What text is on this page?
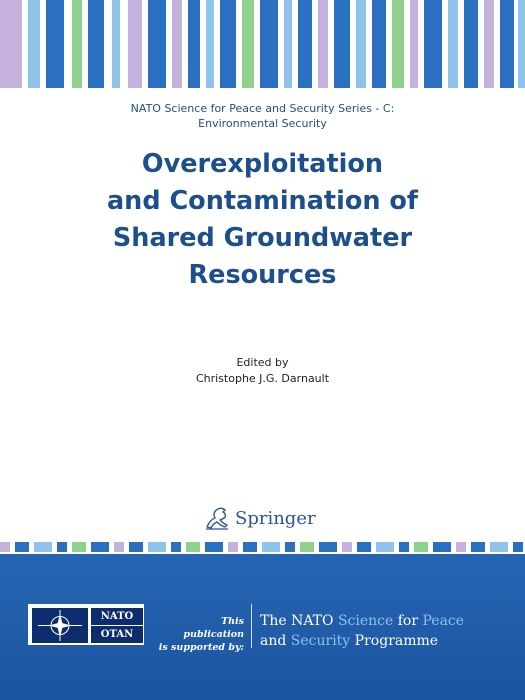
NATO Science for Peace and Security Series - C:
Environmental Security
Overexploitation
and Contamination of
Shared Groundwater
Resources
Edited by
Christophe J.G. Darnault
Springer
NATO
OTAN
This publication
is supported by:
The NATO Science for Peace
and Security Programme
